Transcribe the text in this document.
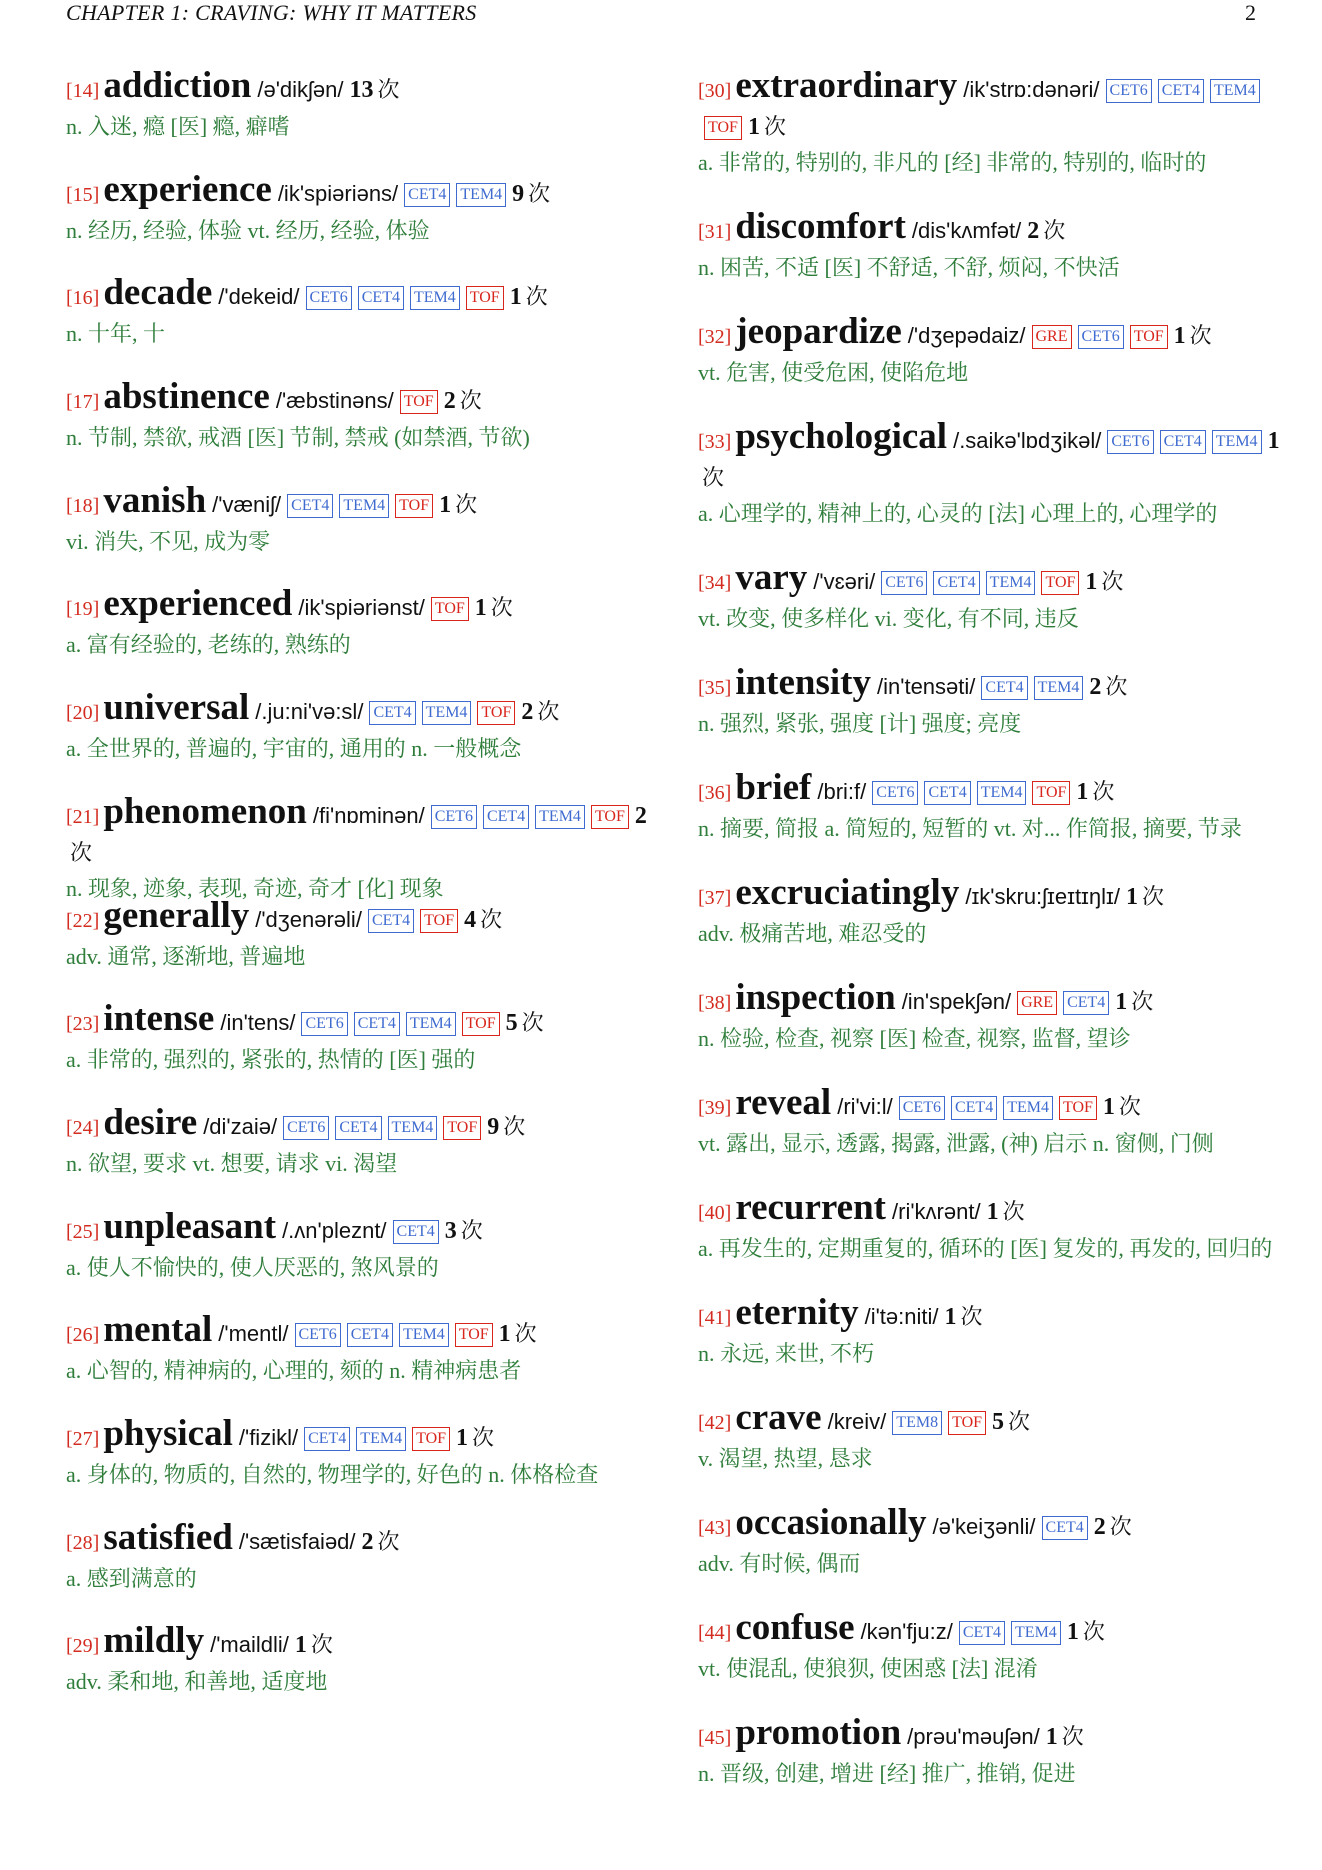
CHAPTER 1: CRAVING: WHY IT MATTERS	2
[14] addiction /ə'dikʃən/ 13 次
n. 入迷, 瘾 [医] 瘾, 癖嗜
[15] experience /ik'spiəriəns/ CET4 TEM4 9 次
n. 经历, 经验, 体验 vt. 经历, 经验, 体验
[16] decade /'dekeid/ CET6 CET4 TEM4 TOF 1 次
n. 十年, 十
[17] abstinence /'æbstinəns/ TOF 2 次
n. 节制, 禁欲, 戒酒 [医] 节制, 禁戒 (如禁酒, 节欲)
[18] vanish /'væniʃ/ CET4 TEM4 TOF 1 次
vi. 消失, 不见, 成为零
[19] experienced /ik'spiəriənst/ TOF 1 次
a. 富有经验的, 老练的, 熟练的
[20] universal /.ju:ni'və:sl/ CET4 TEM4 TOF 2 次
a. 全世界的, 普遍的, 宇宙的, 通用的 n. 一般概念
[21] phenomenon /fi'nɒminən/ CET6 CET4 TEM4 TOF 2次
n. 现象, 迹象, 表现, 奇迹, 奇才 [化] 现象
[22] generally /'dʒenərəli/ CET4 TOF 4 次
adv. 通常, 逐渐地, 普遍地
[23] intense /in'tens/ CET6 CET4 TEM4 TOF 5 次
a. 非常的, 强烈的, 紧张的, 热情的 [医] 强的
[24] desire /di'zaiə/ CET6 CET4 TEM4 TOF 9 次
n. 欲望, 要求 vt. 想要, 请求 vi. 渴望
[25] unpleasant /.ʌn'pleznt/ CET4 3 次
a. 使人不愉快的, 使人厌恶的, 煞风景的
[26] mental /'mentl/ CET6 CET4 TEM4 TOF 1 次
a. 心智的, 精神病的, 心理的, 颏的 n. 精神病患者
[27] physical /'fizikl/ CET4 TEM4 TOF 1 次
a. 身体的, 物质的, 自然的, 物理学的, 好色的 n. 体格检查
[28] satisfied /'sætisfaiəd/ 2 次
a. 感到满意的
[29] mildly /'maildli/ 1 次
adv. 柔和地, 和善地, 适度地
[30] extraordinary /ik'strɒ:dənəri/ CET6 CET4 TEM4TOF 1 次
a. 非常的, 特别的, 非凡的 [经] 非常的, 特别的, 临时的
[31] discomfort /dis'kʌmfət/ 2 次
n. 困苦, 不适 [医] 不舒适, 不舒, 烦闷, 不快活
[32] jeopardize /'dʒepədaiz/ GRE CET6 TOF 1 次
vt. 危害, 使受危困, 使陷危地
[33] psychological /.saikə'lɒdʒikəl/ CET6 CET4 TEM4 1次
a. 心理学的, 精神上的, 心灵的 [法] 心理上的, 心理学的
[34] vary /'vɛəri/ CET6 CET4 TEM4 TOF 1 次
vt. 改变, 使多样化 vi. 变化, 有不同, 违反
[35] intensity /in'tensəti/ CET4 TEM4 2 次
n. 强烈, 紧张, 强度 [计] 强度; 亮度
[36] brief /bri:f/ CET6 CET4 TEM4 TOF 1 次
n. 摘要, 简报 a. 简短的, 短暂的 vt. 对... 作简报, 摘要, 节录
[37] excruciatingly /ɪk'skru:ʃɪeɪtɪŋlɪ/ 1 次
adv. 极痛苦地, 难忍受的
[38] inspection /in'spekʃən/ GRE CET4 1 次
n. 检验, 检查, 视察 [医] 检查, 视察, 监督, 望诊
[39] reveal /ri'vi:l/ CET6 CET4 TEM4 TOF 1 次
vt. 露出, 显示, 透露, 揭露, 泄露, (神) 启示 n. 窗侧, 门侧
[40] recurrent /ri'kʌrənt/ 1 次
a. 再发生的, 定期重复的, 循环的 [医] 复发的, 再发的, 回归的
[41] eternity /i'tə:niti/ 1 次
n. 永远, 来世, 不朽
[42] crave /kreiv/ TEM8 TOF 5 次
v. 渴望, 热望, 恳求
[43] occasionally /ə'keiʒənli/ CET4 2 次
adv. 有时候, 偶而
[44] confuse /kən'fju:z/ CET4 TEM4 1 次
vt. 使混乱, 使狼狈, 使困惑 [法] 混淆
[45] promotion /prəu'məuʃən/ 1 次
n. 晋级, 创建, 增进 [经] 推广, 推销, 促进
